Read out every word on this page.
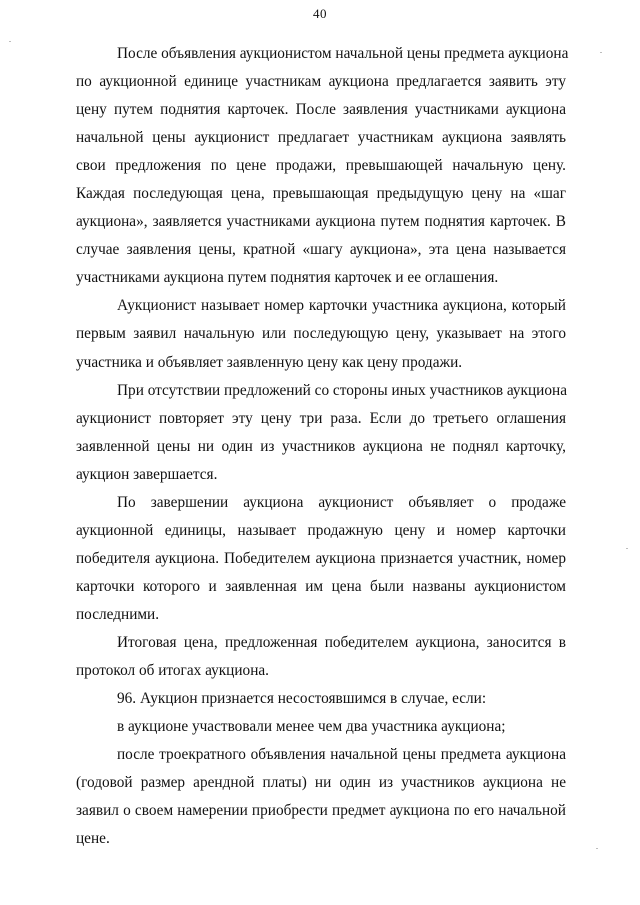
40
После объявления аукционистом начальной цены предмета аукциона
по аукционной единице участникам аукциона предлагается заявить эту
цену путем поднятия карточек. После заявления участниками аукциона
начальной цены аукционист предлагает участникам аукциона заявлять
свои предложения по цене продажи, превышающей начальную цену.
Каждая последующая цена, превышающая предыдущую цену на «шаг
аукциона», заявляется участниками аукциона путем поднятия карточек. В
случае заявления цены, кратной «шагу аукциона», эта цена называется
участниками аукциона путем поднятия карточек и ее оглашения.
Аукционист называет номер карточки участника аукциона, который
первым заявил начальную или последующую цену, указывает на этого
участника и объявляет заявленную цену как цену продажи.
При отсутствии предложений со стороны иных участников аукциона
аукционист повторяет эту цену три раза. Если до третьего оглашения
заявленной цены ни один из участников аукциона не поднял карточку,
аукцион завершается.
По завершении аукциона аукционист объявляет о продаже
аукционной единицы, называет продажную цену и номер карточки
победителя аукциона. Победителем аукциона признается участник, номер
карточки которого и заявленная им цена были названы аукционистом
последними.
Итоговая цена, предложенная победителем аукциона, заносится в
протокол об итогах аукциона.
96. Аукцион признается несостоявшимся в случае, если:
в аукционе участвовали менее чем два участника аукциона;
после троекратного объявления начальной цены предмета аукциона
(годовой размер арендной платы) ни один из участников аукциона не
заявил о своем намерении приобрести предмет аукциона по его начальной
цене.
